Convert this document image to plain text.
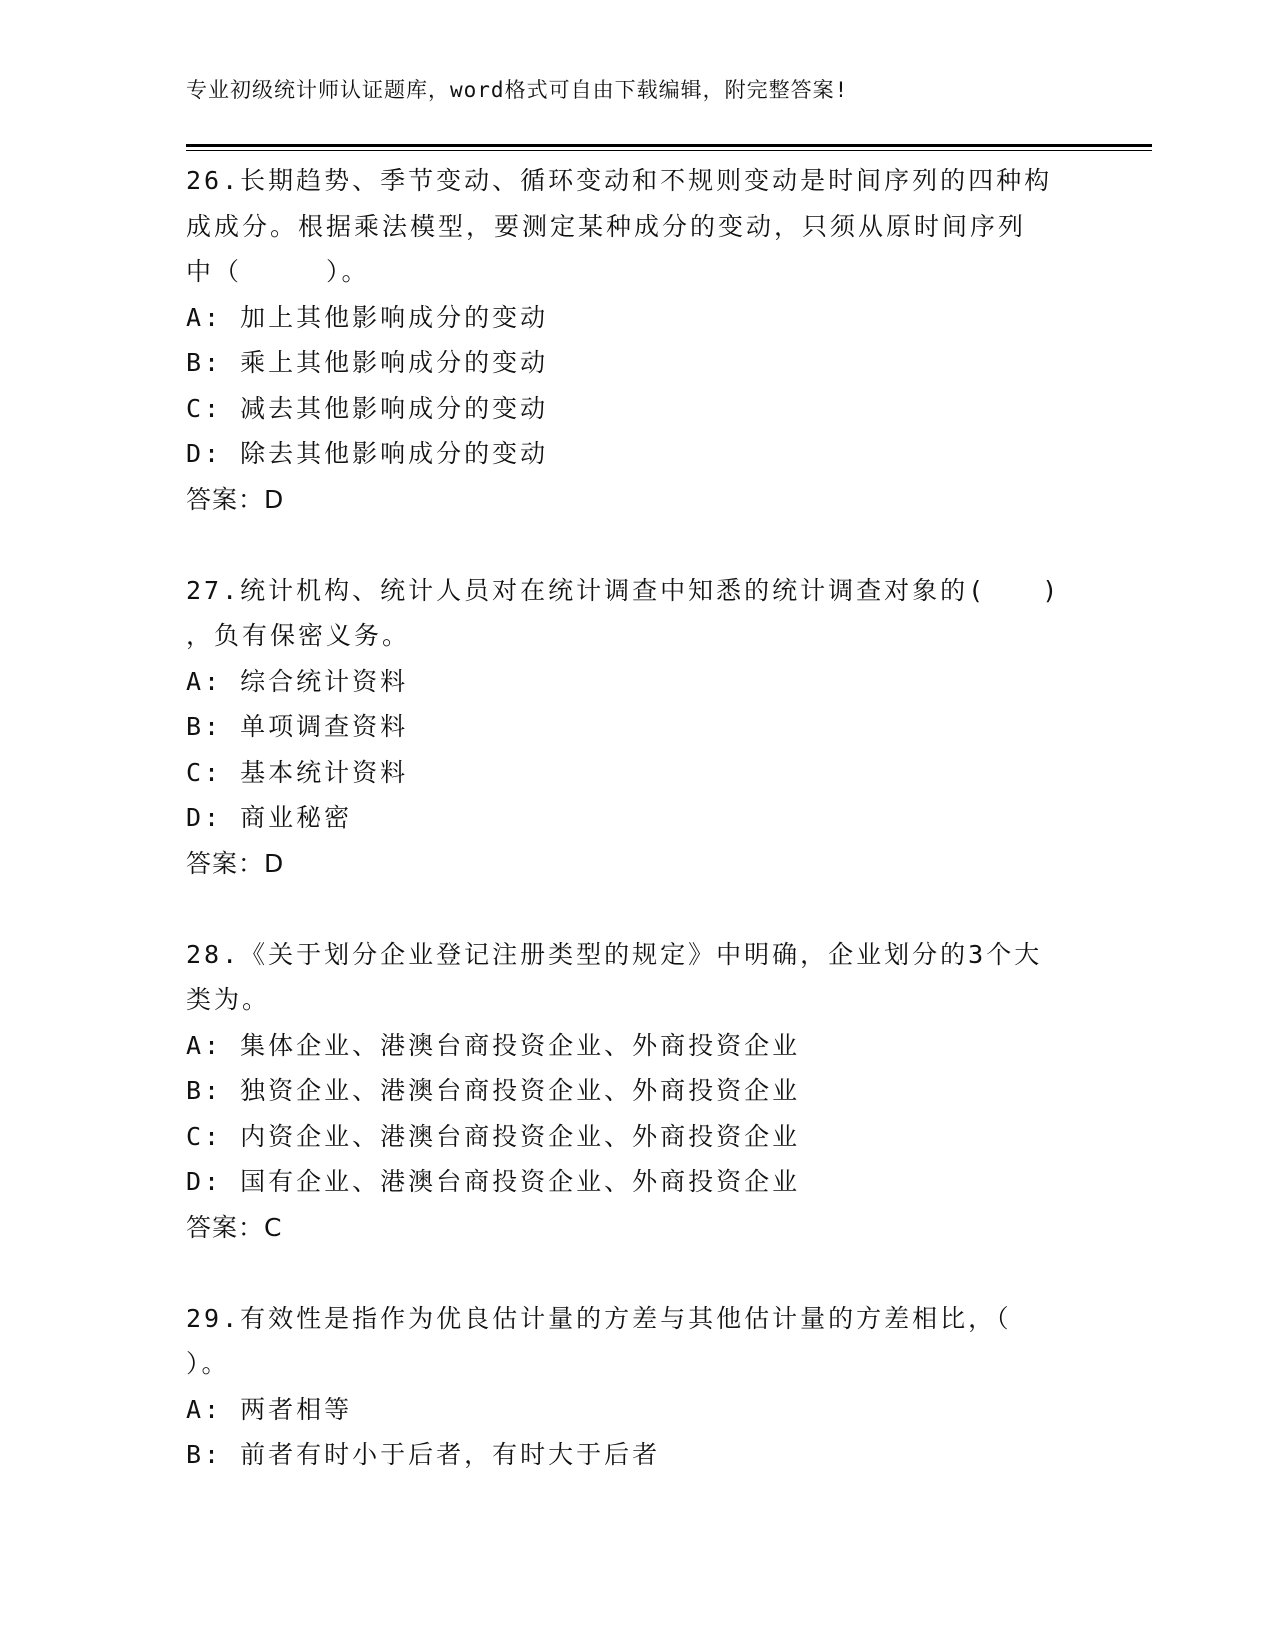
专业初级统计师认证题库，word格式可自由下载编辑，附完整答案!
26.长期趋势、季节变动、循环变动和不规则变动是时间序列的四种构
成成分。根据乘法模型，要测定某种成分的变动，只须从原时间序列
中（　　　）。
A: 加上其他影响成分的变动
B: 乘上其他影响成分的变动
C: 减去其他影响成分的变动
D: 除去其他影响成分的变动
答案：D
27.统计机构、统计人员对在统计调查中知悉的统计调查对象的(　　)
，负有保密义务。
A: 综合统计资料
B: 单项调查资料
C: 基本统计资料
D: 商业秘密
答案：D
28.《关于划分企业登记注册类型的规定》中明确，企业划分的3个大
类为。
A: 集体企业、港澳台商投资企业、外商投资企业
B: 独资企业、港澳台商投资企业、外商投资企业
C: 内资企业、港澳台商投资企业、外商投资企业
D: 国有企业、港澳台商投资企业、外商投资企业
答案：C
29.有效性是指作为优良估计量的方差与其他估计量的方差相比，（
）。
A: 两者相等
B: 前者有时小于后者，有时大于后者
